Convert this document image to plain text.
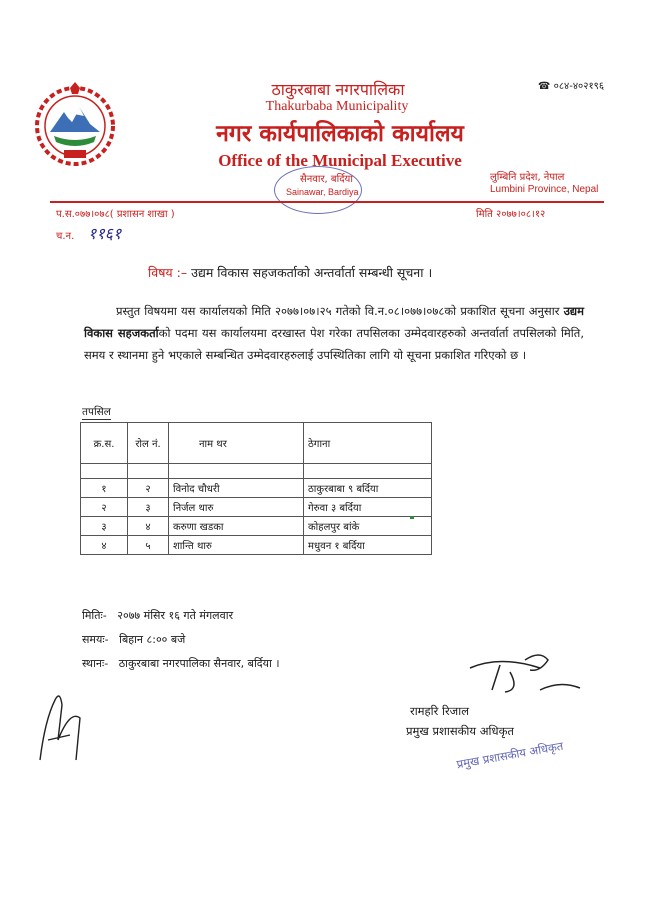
ठाकुरबाबा नगरपालिका
Thakurbaba Municipality
नगर कार्यपालिकाको कार्यालय
Office of the Municipal Executive
☎ ०८४-४०२१९६
सैनवार, बर्दिया
Sainawar, Bardiya
लुम्बिनि प्रदेश, नेपाल
Lumbini Province, Nepal
प.स.०७७।०७८( प्रशासन शाखा )	मिति २०७७।०८।१२
च.न. ११६१
विषय :– उद्यम विकास सहजकर्ताको अन्तर्वार्ता सम्बन्धी सूचना ।
प्रस्तुत विषयमा यस कार्यालयको मिति २०७७।०७।२५ गतेको वि.न.०८।०७७।०७८को प्रकाशित सूचना अनुसार उद्यम विकास सहजकर्ताको पदमा यस कार्यालयमा दरखास्त पेश गरेका तपसिलका उम्मेदवारहरुको अन्तर्वार्ता तपसिलको मिति, समय र स्थानमा हुने भएकाले सम्बन्धित उम्मेदवारहरुलाई उपस्थितिका लागि यो सूचना प्रकाशित गरिएको छ ।
तपसिल
क्र.स.	रोल नं.	नाम थर	ठेगाना

१	२	विनोद चौधरी	ठाकुरबाबा ९ बर्दिया
२	३	निर्जल थारु	गेरुवा ३ बर्दिया
३	४	करुणा खडका	कोहलपुर बांके
४	५	शान्ति थारु	मधुवन १ बर्दिया
मितिः- २०७७ मंसिर १६ गते मंगलवार
समयः- बिहान ८:०० बजे
स्थानः- ठाकुरबाबा नगरपालिका सैनवार, बर्दिया ।
रामहरि रिजाल
प्रमुख प्रशासकीय अधिकृत
प्रमुख प्रशासकीय अधिकृत
